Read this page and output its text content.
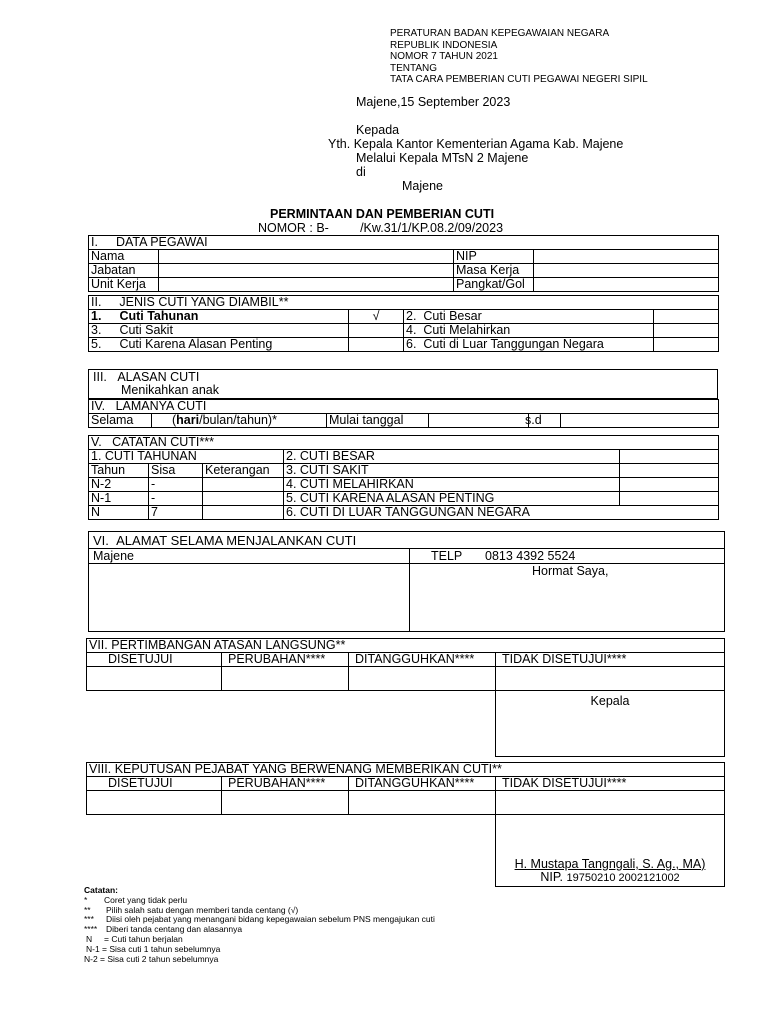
PERATURAN BADAN KEPEGAWAIAN NEGARA
REPUBLIK INDONESIA
NOMOR 7 TAHUN 2021
TENTANG
TATA CARA PEMBERIAN CUTI PEGAWAI NEGERI SIPIL
Majene,15 September 2023
Kepada
Yth. Kepala Kantor Kementerian Agama Kab. Majene
Melalui Kepala MTsN 2 Majene
di
Majene
PERMINTAAN DAN PEMBERIAN CUTI
NOMOR : B-         /Kw.31/1/KP.08.2/09/2023
I. DATA PEGAWAI			
Nama		NIP	
Jabatan		Masa Kerja	
Unit Kerja		Pangkat/Gol	
II. JENIS CUTI YANG DIAMBIL**			
1. Cuti Tahunan	√	2. Cuti Besar	
3. Cuti Sakit		4. Cuti Melahirkan	
5. Cuti Karena Alasan Penting		6. Cuti di Luar Tanggungan Negara	
III. ALASAN CUTI
Menikahkan anak
IV. LAMANYA CUTI
Selama	(hari/bulan/tahun)*	Mulai tanggal		s.d	
V. CATATAN CUTI***				
1. CUTI TAHUNAN			2. CUTI BESAR	
Tahun	Sisa	Keterangan	3. CUTI SAKIT	
N-2	-		4. CUTI MELAHIRKAN	
N-1	-		5. CUTI KARENA ALASAN PENTING	
N	7		6. CUTI DI LUAR TANGGUNGAN NEGARA	
VI. ALAMAT SELAMA MENJALANKAN CUTI
Majene	TELP 0813 4392 5524
Hormat Saya,
VII. PERTIMBANGAN ATASAN LANGSUNG**			
DISETUJUI	PERUBAHAN****	DITANGGUHKAN****	TIDAK DISETUJUI****

			Kepala
VIII. KEPUTUSAN PEJABAT YANG BERWENANG MEMBERIKAN CUTI**			
DISETUJUI	PERUBAHAN****	DITANGGUHKAN****	TIDAK DISETUJUI****

			H. Mustapa Tangngali, S. Ag., MA)
NIP. 19750210 2002121002
Catatan:
* Coret yang tidak perlu
** Pilih salah satu dengan memberi tanda centang (√)
*** Diisi oleh pejabat yang menangani bidang kepegawaian sebelum PNS mengajukan cuti
**** Diberi tanda centang dan alasannya
N = Cuti tahun berjalan
N-1 = Sisa cuti 1 tahun sebelumnya
N-2 = Sisa cuti 2 tahun sebelumnya
